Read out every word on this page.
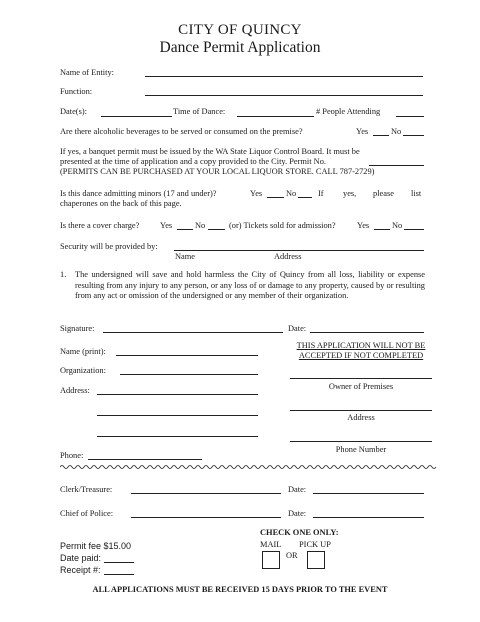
CITY OF QUINCY
Dance Permit Application
Name of Entity:
Function:
Date(s):	Time of Dance:	# People Attending
Are there alcoholic beverages to be served or consumed on the premise?	Yes	No
If yes, a banquet permit must be issued by the WA State Liquor Control Board. It must be
presented at the time of application and a copy provided to the City. Permit No.
(PERMITS CAN BE PURCHASED AT YOUR LOCAL LIQUOR STORE. CALL 787-2729)
Is this dance admitting minors (17 and under)?	Yes	No	If yes, please list
chaperones on the back of this page.
Is there a cover charge? Yes	No	(or) Tickets sold for admission?	Yes	No
Security will be provided by:
Name	Address
1. The undersigned will save and hold harmless the City of Quincy from all loss, liability or expense resulting from any injury to any person, or any loss of or damage to any property, caused by or resulting from any act or omission of the undersigned or any member of their organization.
Signature:	Date:
Name (print):
THIS APPLICATION WILL NOT BE
ACCEPTED IF NOT COMPLETED
Organization:
Owner of Premises
Address:
Address
Phone Number
Phone:
Clerk/Treasure:	Date:
Chief of Police:	Date:
CHECK ONE ONLY:
MAIL PICK UP
OR
Permit fee $15.00
Date paid:
Receipt #:
ALL APPLICATIONS MUST BE RECEIVED 15 DAYS PRIOR TO THE EVENT
